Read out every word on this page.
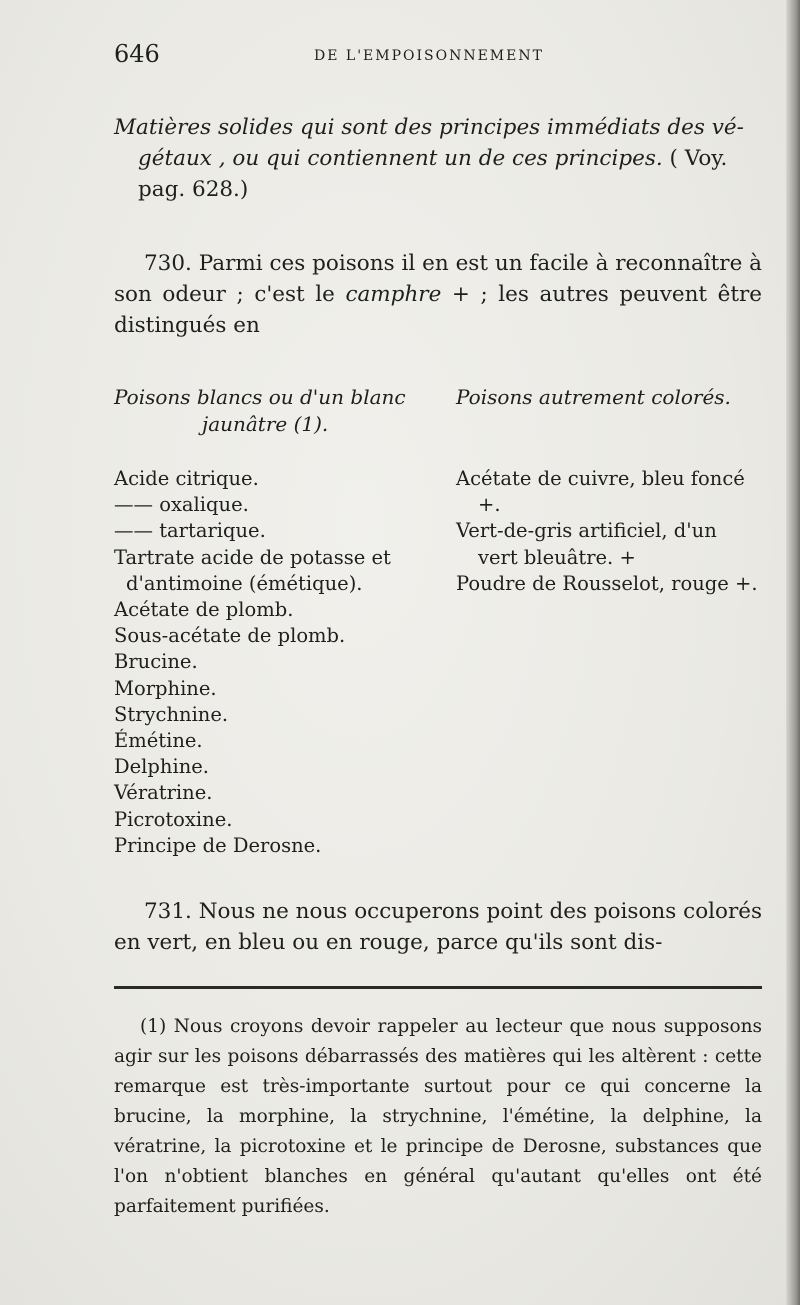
646	DE L'EMPOISONNEMENT
Matières solides qui sont des principes immédiats des vé-
gétaux , ou qui contiennent un de ces principes. ( Voy. pag. 628.)
730. Parmi ces poisons il en est un facile à reconnaître à son odeur ; c'est le camphre + ; les autres peuvent être distingués en
Poisons blancs ou d'un blanc
jaunâtre (1).
Acide citrique.
—— oxalique.
—— tartarique.
Tartrate acide de potasse et d'antimoine (émétique).
Acétate de plomb.
Sous-acétate de plomb.
Brucine.
Morphine.
Strychnine.
Émétine.
Delphine.
Vératrine.
Picrotoxine.
Principe de Derosne.
Poisons autrement colorés.
Acétate de cuivre, bleu foncé +.
Vert-de-gris artificiel, d'un vert bleuâtre. +
Poudre de Rousselot, rouge +.
731. Nous ne nous occuperons point des poisons colorés en vert, en bleu ou en rouge, parce qu'ils sont dis-
(1) Nous croyons devoir rappeler au lecteur que nous supposons agir sur les poisons débarrassés des matières qui les altèrent : cette remarque est très-importante surtout pour ce qui concerne la brucine, la morphine, la strychnine, l'émétine, la delphine, la vératrine, la picrotoxine et le principe de Derosne, substances que l'on n'obtient blanches en général qu'autant qu'elles ont été parfaitement purifiées.
